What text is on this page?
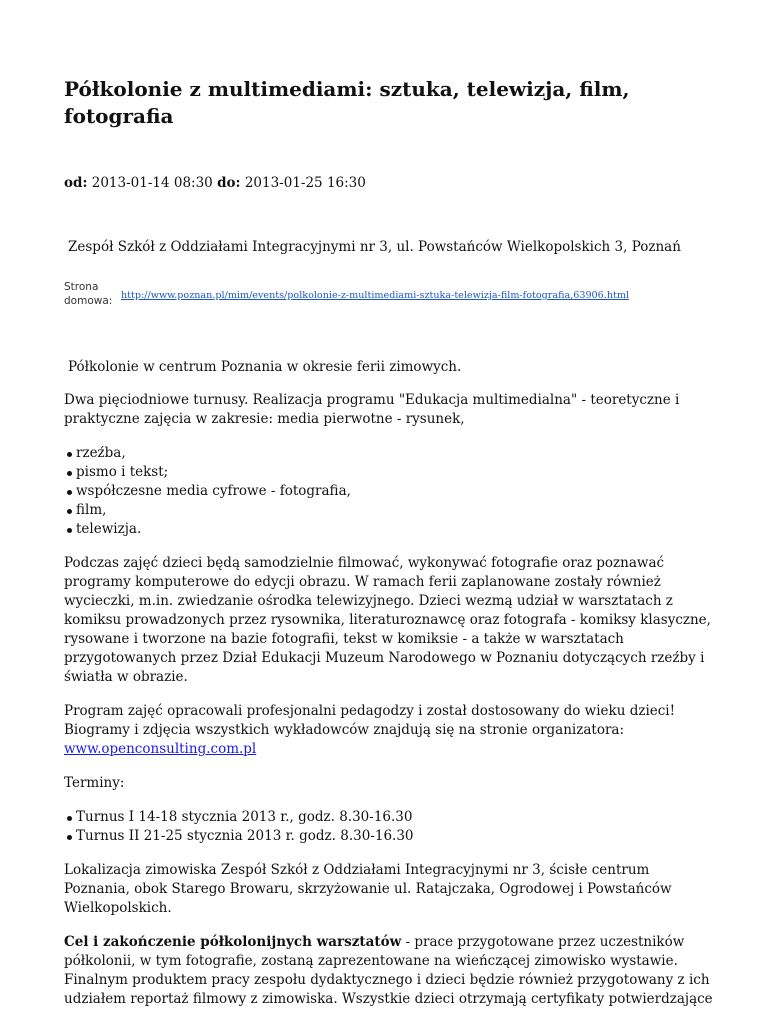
Półkolonie z multimediami: sztuka, telewizja, film, fotografia
od: 2013-01-14 08:30 do: 2013-01-25 16:30
Zespół Szkół z Oddziałami Integracyjnymi nr 3, ul. Powstańców Wielkopolskich 3, Poznań
Strona
domowa: http://www.poznan.pl/mim/events/polkolonie-z-multimediami-sztuka-telewizja-film-fotografia,63906.html

Półkolonie w centrum Poznania w okresie ferii zimowych.

Dwa pięciodniowe turnusy. Realizacja programu "Edukacja multimedialna" - teoretyczne i praktyczne zajęcia w zakresie: media pierwotne - rysunek,

rzeźba,
pismo i tekst;
współczesne media cyfrowe - fotografia,
film,
telewizja.

Podczas zajęć dzieci będą samodzielnie filmować, wykonywać fotografie oraz poznawać programy komputerowe do edycji obrazu. W ramach ferii zaplanowane zostały również wycieczki, m.in. zwiedzanie ośrodka telewizyjnego. Dzieci wezmą udział w warsztatach z komiksu prowadzonych przez rysownika, literaturoznawcę oraz fotografa - komiksy klasyczne, rysowane i tworzone na bazie fotografii, tekst w komiksie - a także w warsztatach przygotowanych przez Dział Edukacji Muzeum Narodowego w Poznaniu dotyczących rzeźby i światła w obrazie.

Program zajęć opracowali profesjonalni pedagodzy i został dostosowany do wieku dzieci! Biogramy i zdjęcia wszystkich wykładowców znajdują się na stronie organizatora:
www.openconsulting.com.pl

Terminy:

Turnus I 14-18 stycznia 2013 r., godz. 8.30-16.30
Turnus II 21-25 stycznia 2013 r. godz. 8.30-16.30

Lokalizacja zimowiska Zespół Szkół z Oddziałami Integracyjnymi nr 3, ścisłe centrum Poznania, obok Starego Browaru, skrzyżowanie ul. Ratajczaka, Ogrodowej i Powstańców Wielkopolskich.

Cel i zakończenie półkolonijnych warsztatów - prace przygotowane przez uczestników półkolonii, w tym fotografie, zostaną zaprezentowane na wieńczącej zimowisko wystawie. Finalnym produktem pracy zespołu dydaktycznego i dzieci będzie również przygotowany z ich udziałem reportaż filmowy z zimowiska. Wszystkie dzieci otrzymają certyfikaty potwierdzające
